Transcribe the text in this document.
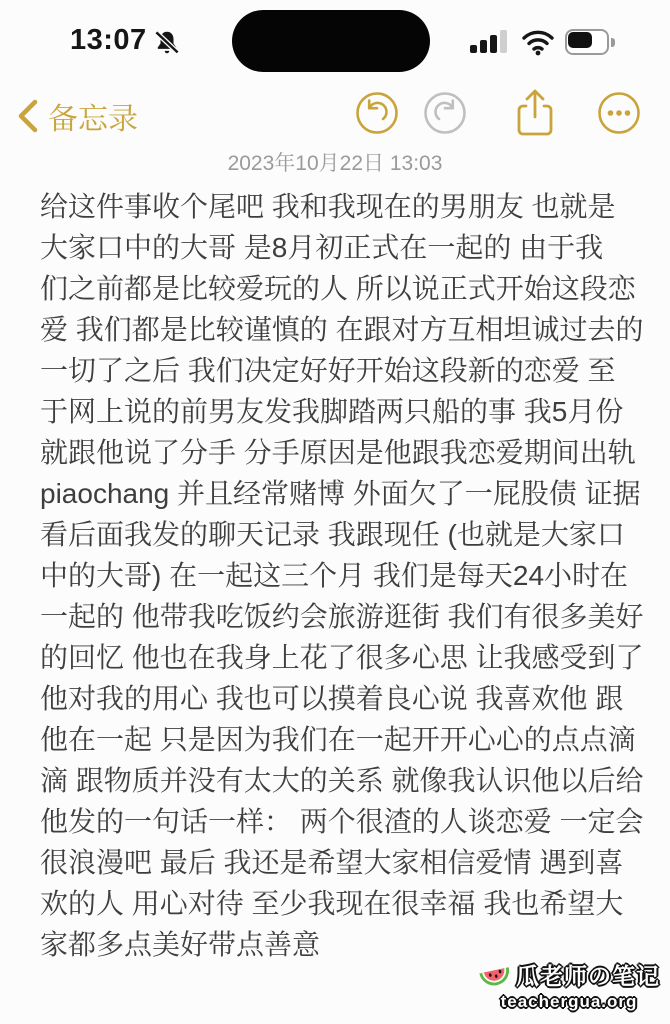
13:07
备忘录
2023年10月22日 13:03
给这件事收个尾吧 我和我现在的男朋友 也就是
大家口中的大哥 是8月初正式在一起的 由于我
们之前都是比较爱玩的人 所以说正式开始这段恋
爱 我们都是比较谨慎的 在跟对方互相坦诚过去的
一切了之后 我们决定好好开始这段新的恋爱 至
于网上说的前男友发我脚踏两只船的事 我5月份
就跟他说了分手 分手原因是他跟我恋爱期间出轨
piaochang 并且经常赌博 外面欠了一屁股债 证据
看后面我发的聊天记录 我跟现任 (也就是大家口
中的大哥) 在一起这三个月 我们是每天24小时在
一起的 他带我吃饭约会旅游逛街 我们有很多美好
的回忆 他也在我身上花了很多心思 让我感受到了
他对我的用心 我也可以摸着良心说 我喜欢他 跟
他在一起 只是因为我们在一起开开心心的点点滴
滴 跟物质并没有太大的关系 就像我认识他以后给
他发的一句话一样： 两个很渣的人谈恋爱 一定会
很浪漫吧 最后 我还是希望大家相信爱情 遇到喜
欢的人 用心对待 至少我现在很幸福 我也希望大
家都多点美好带点善意
瓜老师の笔记
teachergua.org
